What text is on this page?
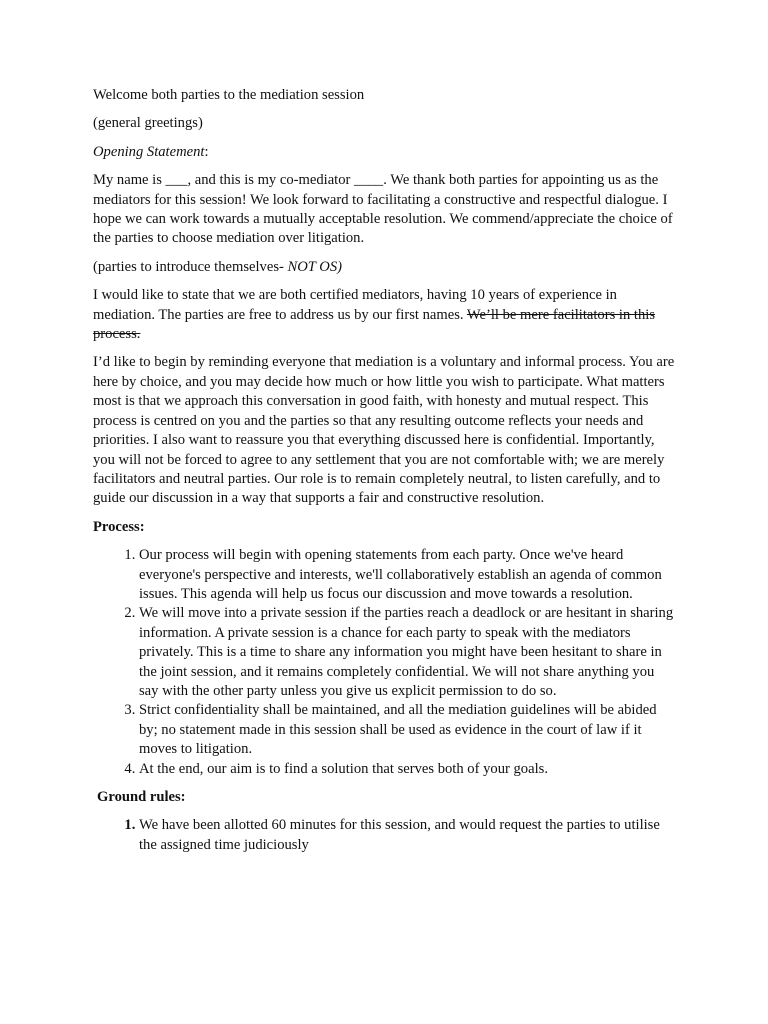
Welcome both parties to the mediation session

(general greetings)

Opening Statement:

My name is ___, and this is my co-mediator ____. We thank both parties for appointing us as the mediators for this session! We look forward to facilitating a constructive and respectful dialogue. I hope we can work towards a mutually acceptable resolution. We commend/appreciate the choice of the parties to choose mediation over litigation.

(parties to introduce themselves- NOT OS)

I would like to state that we are both certified mediators, having 10 years of experience in mediation. The parties are free to address us by our first names. We’ll be mere facilitators in this process.

I’d like to begin by reminding everyone that mediation is a voluntary and informal process. You are here by choice, and you may decide how much or how little you wish to participate. What matters most is that we approach this conversation in good faith, with honesty and mutual respect. This process is centred on you and the parties so that any resulting outcome reflects your needs and priorities. I also want to reassure you that everything discussed here is confidential. Importantly, you will not be forced to agree to any settlement that you are not comfortable with; we are merely facilitators and neutral parties. Our role is to remain completely neutral, to listen carefully, and to guide our discussion in a way that supports a fair and constructive resolution.

Process:

1. Our process will begin with opening statements from each party. Once we've heard everyone's perspective and interests, we'll collaboratively establish an agenda of common issues. This agenda will help us focus our discussion and move towards a resolution.
2. We will move into a private session if the parties reach a deadlock or are hesitant in sharing information. A private session is a chance for each party to speak with the mediators privately. This is a time to share any information you might have been hesitant to share in the joint session, and it remains completely confidential. We will not share anything you say with the other party unless you give us explicit permission to do so.
3. Strict confidentiality shall be maintained, and all the mediation guidelines will be abided by; no statement made in this session shall be used as evidence in the court of law if it moves to litigation.
4. At the end, our aim is to find a solution that serves both of your goals.

Ground rules:

1. We have been allotted 60 minutes for this session, and would request the parties to utilise the assigned time judiciously
